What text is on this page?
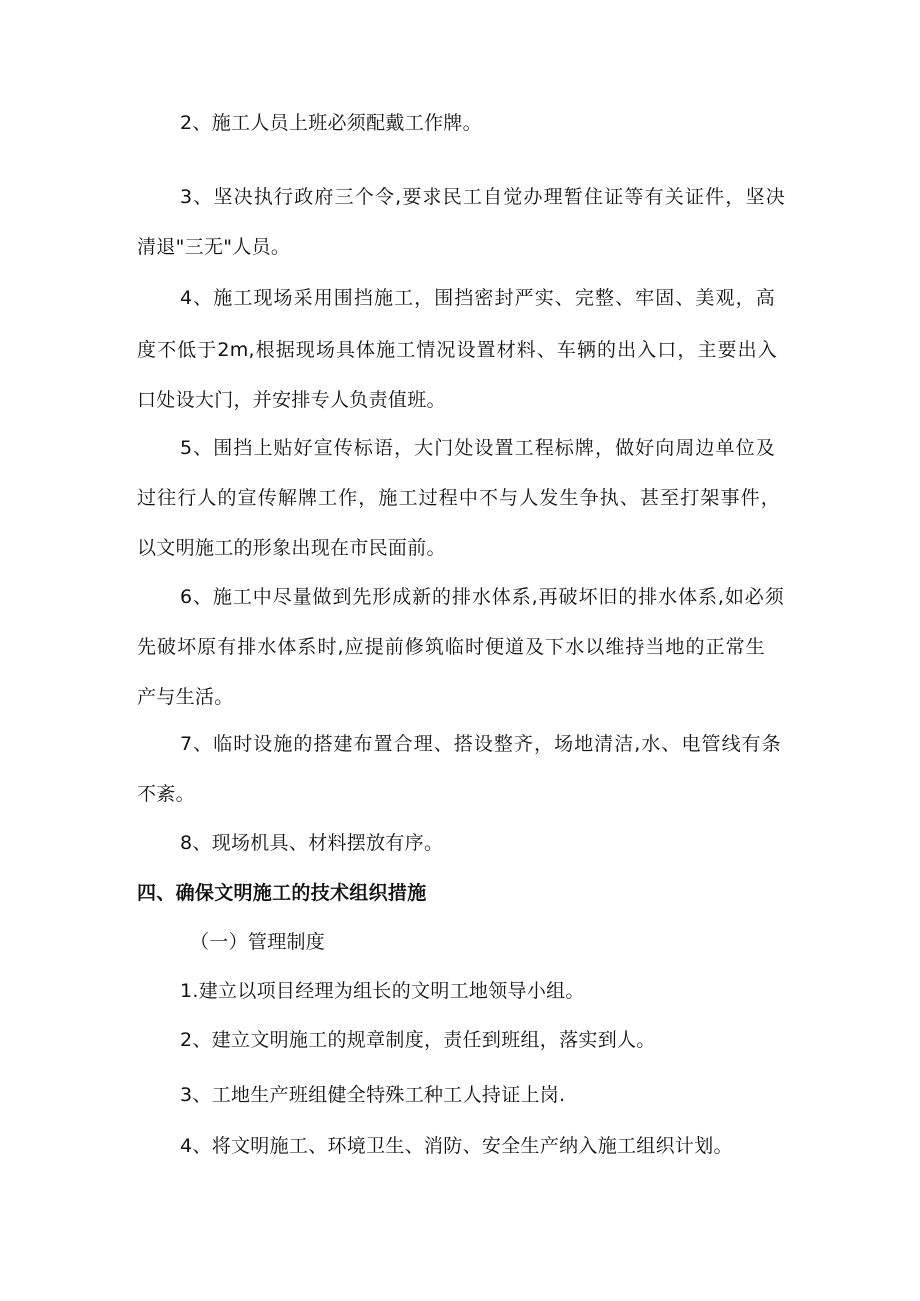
2、施工人员上班必须配戴工作牌。
3、坚决执行政府三个令,要求民工自觉办理暂住证等有关证件，坚决
清退"三无"人员。
4、施工现场采用围挡施工，围挡密封严实、完整、牢固、美观，高
度不低于2m,根据现场具体施工情况设置材料、车辆的出入口，主要出入
口处设大门，并安排专人负责值班。
5、围挡上贴好宣传标语，大门处设置工程标牌，做好向周边单位及
过往行人的宣传解牌工作，施工过程中不与人发生争执、甚至打架事件，
以文明施工的形象出现在市民面前。
6、施工中尽量做到先形成新的排水体系,再破坏旧的排水体系,如必须
先破坏原有排水体系时,应提前修筑临时便道及下水以维持当地的正常生
产与生活。
7、临时设施的搭建布置合理、搭设整齐，场地清洁,水、电管线有条
不紊。
8、现场机具、材料摆放有序。
四、确保文明施工的技术组织措施
（一）管理制度
1.建立以项目经理为组长的文明工地领导小组。
2、建立文明施工的规章制度，责任到班组，落实到人。
3、工地生产班组健全特殊工种工人持证上岗.
4、将文明施工、环境卫生、消防、安全生产纳入施工组织计划。
